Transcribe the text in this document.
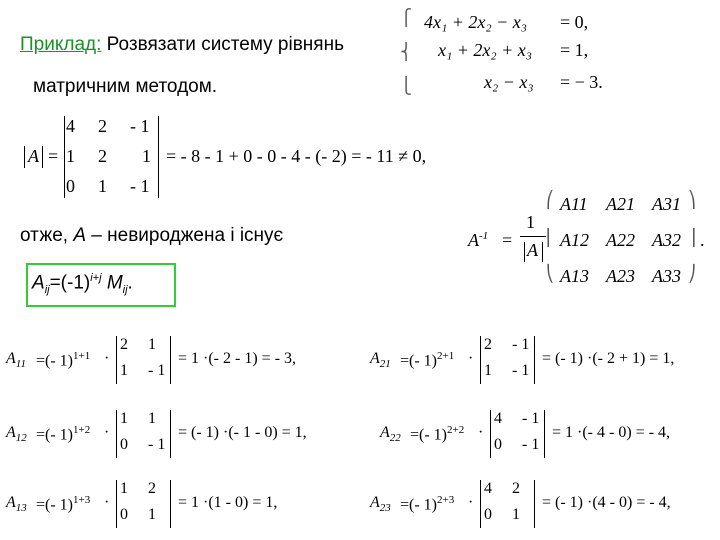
Приклад: Розвязати систему рівнянь
матричним методом.
⎧
⎨
⎩
4x₁ + 2x₂ − x₃ = 0,
x₁ + 2x₂ + x₃ = 1,
x₂ − x₃ = − 3.
A =
4 2 - 1
1 2 1
0 1 - 1
= - 8 - 1 + 0 - 0 - 4 - (- 2) = - 11 ≠ 0,
отже, A – невироджена і існує
$A_{ij}=(-1)^{i+j}$ $M_{ij}$.
$A^{-1}$ =
1
A
⎛
⎜
⎝
A11 A21 A31
A12 A22 A32
A13 A23 A33
⎞
⎟
⎠
.
$A_{11}$ =(- 1)$^{1+1}$ ·
2 1
1 - 1
= 1 ·(- 2 - 1) = - 3,	$A_{21}$ =(- 1)$^{2+1}$ ·
2 - 1
1 - 1
= (- 1) ·(- 2 + 1) = 1,
$A_{12}$ =(- 1)$^{1+2}$ ·
1 1
0 - 1
= (- 1) ·(- 1 - 0) = 1,	$A_{22}$ =(- 1)$^{2+2}$ ·
4 - 1
0 - 1
= 1 ·(- 4 - 0) = - 4,
$A_{13}$ =(- 1)$^{1+3}$ ·
1 2
0 1
= 1 ·(1 - 0) = 1,	$A_{23}$ =(- 1)$^{2+3}$ ·
4 2
0 1
= (- 1) ·(4 - 0) = - 4,
